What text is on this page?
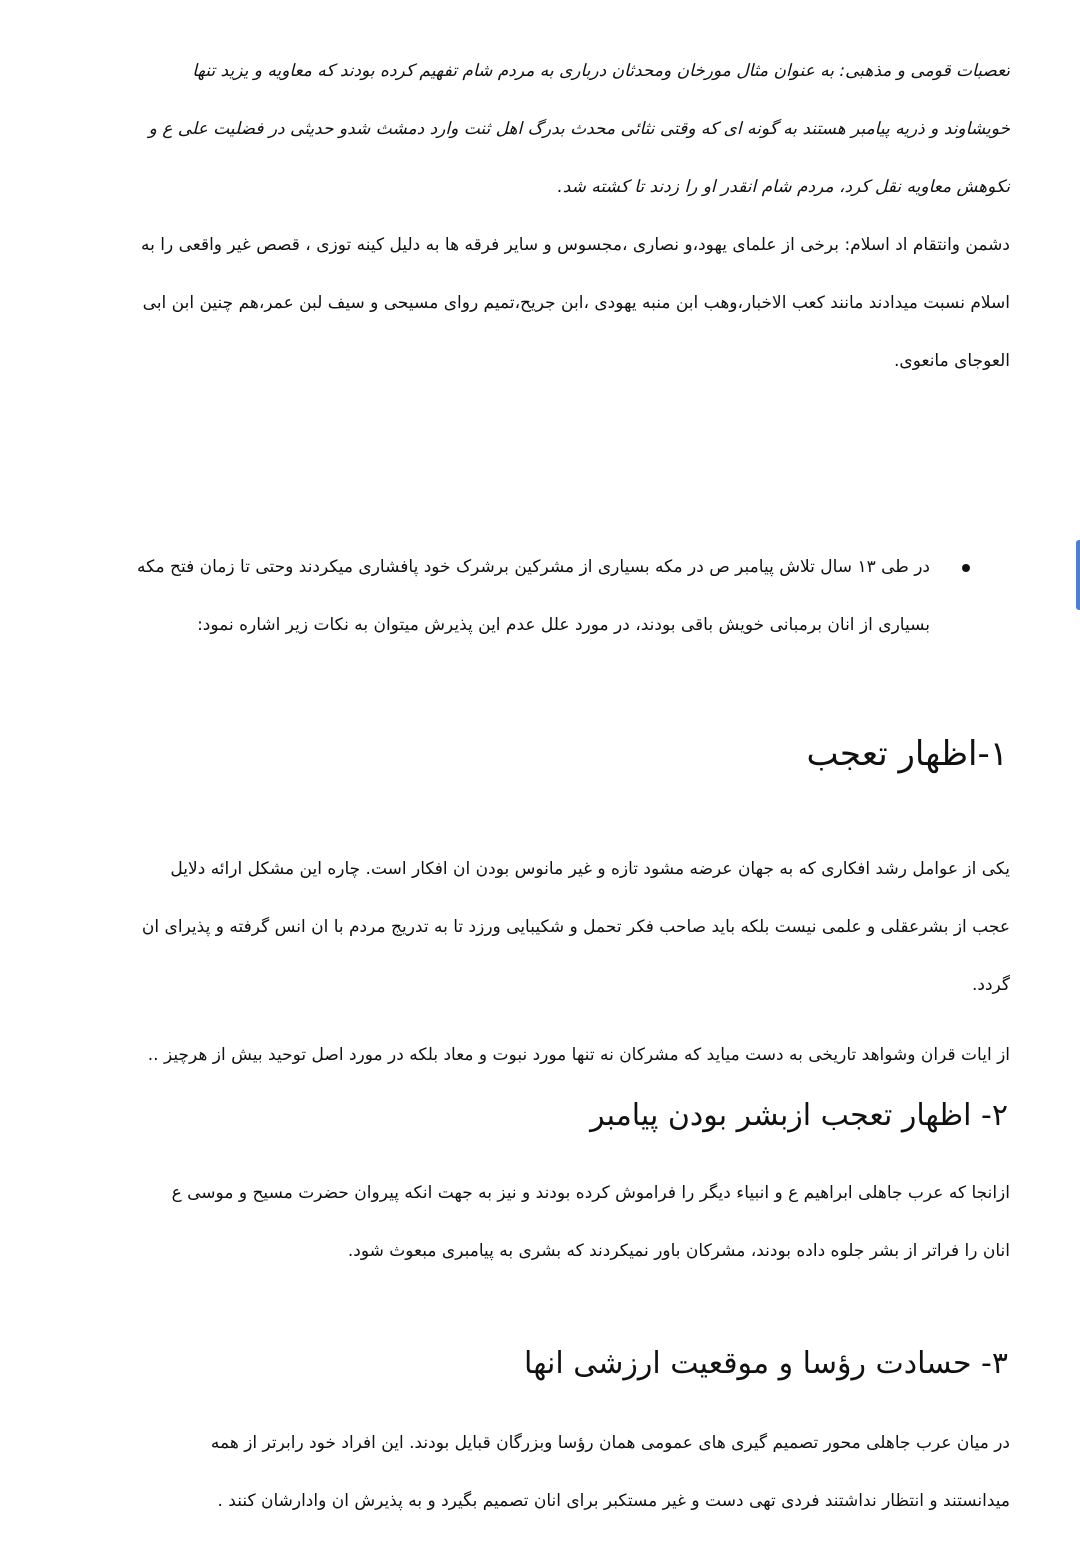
تعصبات قومی و مذهبی: به عنوان مثال مورخان ومحدثان درباری به مردم شام تفهیم کرده بودند که معاویه و یزید تنها
خویشاوند و ذریه پیامبر هستند به گونه ای که وقتی نثائی محدث بدرگ اهل ثنت وارد دمشث شدو حدیثی در فضلیت علی ع و
نکوهش معاویه نقل کرد، مردم شام انقدر او را زدند تا کشته شد.
دشمن وانتقام اد اسلام: برخی از علمای یهود،و نصاری ،مجسوس و سایر فرقه ها به دلیل کینه توزی ، قصص غیر واقعی را به
اسلام نسبت میدادند مانند کعب الاخبار،وهب ابن منبه یهودی ،ابن جریح،تمیم روای مسیحی و سیف لبن عمر،هم چنین ابن ابی
العوجای مانعوی.
در طی ۱۳ سال تلاش پیامبر ص در مکه بسیاری از مشرکین برشرک خود پافشاری میکردند وحتی تا زمان فتح مکه
بسیاری از انان برمبانی خویش باقی بودند، در مورد علل عدم این پذیرش میتوان به نکات زیر اشاره نمود:
۱-اظهار تعجب
یکی از عوامل رشد افکاری که به جهان عرضه مشود تازه و غیر مانوس بودن ان افکار است. چاره این مشکل ارائه دلایل
عجب از بشرعقلی و علمی نیست بلکه باید صاحب فکر تحمل و شکیبایی ورزد تا به تدریج مردم با ان انس گرفته و پذیرای ان
گردد.
از ایات قران وشواهد تاریخی به دست میاید که مشرکان نه تنها مورد نبوت و معاد بلکه در مورد اصل توحید بیش از هرچیز ..
۲- اظهار تعجب ازبشر بودن پیامبر
ازانجا که عرب جاهلی ابراهیم ع و انبیاء دیگر را فراموش کرده بودند و نیز به جهت انکه پیروان حضرت مسیح و موسی ع
انان را فراتر از بشر جلوه داده بودند، مشرکان باور نمیکردند که بشری به پیامبری مبعوث شود.
۳- حسادت رؤسا و موقعیت ارزشی انها
در میان عرب جاهلی محور تصمیم گیری های عمومی همان رؤسا وبزرگان قبایل بودند. این افراد خود رابرتر از همه
میدانستند و انتظار نداشتند فردی تهی دست و غیر مستکبر برای انان تصمیم بگیرد و به پذیرش ان وادارشان کنند .
